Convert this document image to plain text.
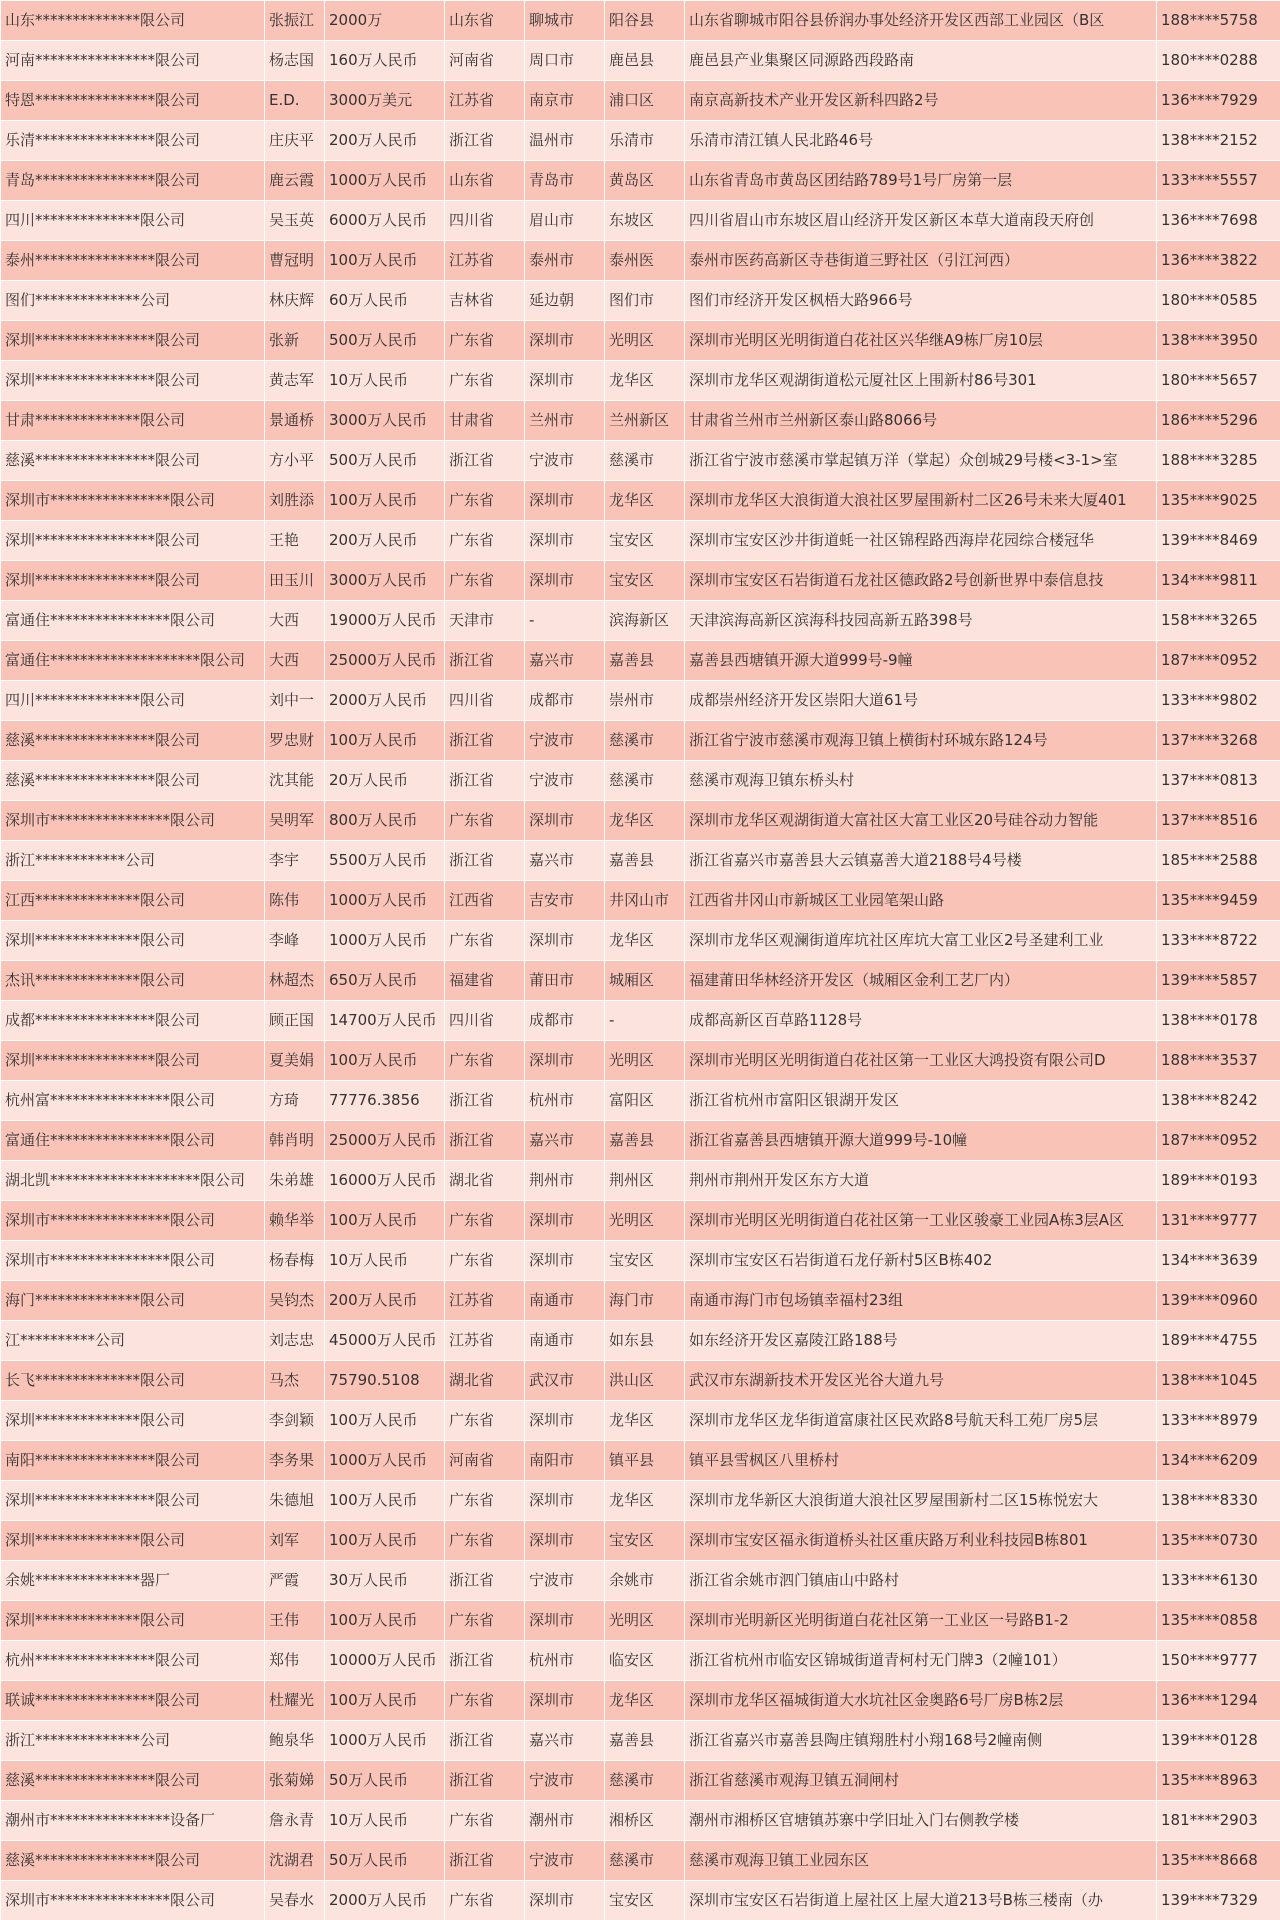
山东**************限公司	张振江	2000万	山东省	聊城市	阳谷县	山东省聊城市阳谷县侨润办事处经济开发区西部工业园区（B区	188****5758
河南****************限公司	杨志国	160万人民币	河南省	周口市	鹿邑县	鹿邑县产业集聚区同源路西段路南	180****0288
特恩****************限公司	E.D.	3000万美元	江苏省	南京市	浦口区	南京高新技术产业开发区新科四路2号	136****7929
乐清****************限公司	庄庆平	200万人民币	浙江省	温州市	乐清市	乐清市清江镇人民北路46号	138****2152
青岛****************限公司	鹿云霞	1000万人民币	山东省	青岛市	黄岛区	山东省青岛市黄岛区团结路789号1号厂房第一层	133****5557
四川**************限公司	吴玉英	6000万人民币	四川省	眉山市	东坡区	四川省眉山市东坡区眉山经济开发区新区本草大道南段天府创	136****7698
泰州****************限公司	曹冠明	100万人民币	江苏省	泰州市	泰州医	泰州市医药高新区寺巷街道三野社区（引江河西）	136****3822
图们**************公司	林庆辉	60万人民币	吉林省	延边朝	图们市	图们市经济开发区枫梧大路966号	180****0585
深圳****************限公司	张新	500万人民币	广东省	深圳市	光明区	深圳市光明区光明街道白花社区兴华继A9栋厂房10层	138****3950
深圳****************限公司	黄志军	10万人民币	广东省	深圳市	龙华区	深圳市龙华区观湖街道松元厦社区上围新村86号301	180****5657
甘肃**************限公司	景通桥	3000万人民币	甘肃省	兰州市	兰州新区	甘肃省兰州市兰州新区泰山路8066号	186****5296
慈溪****************限公司	方小平	500万人民币	浙江省	宁波市	慈溪市	浙江省宁波市慈溪市掌起镇万洋（掌起）众创城29号楼<3-1>室	188****3285
深圳市****************限公司	刘胜添	100万人民币	广东省	深圳市	龙华区	深圳市龙华区大浪街道大浪社区罗屋围新村二区26号未来大厦401	135****9025
深圳****************限公司	王艳	200万人民币	广东省	深圳市	宝安区	深圳市宝安区沙井街道蚝一社区锦程路西海岸花园综合楼冠华	139****8469
深圳****************限公司	田玉川	3000万人民币	广东省	深圳市	宝安区	深圳市宝安区石岩街道石龙社区德政路2号创新世界中泰信息技	134****9811
富通住****************限公司	大西	19000万人民币	天津市	-	滨海新区	天津滨海高新区滨海科技园高新五路398号	158****3265
富通住********************限公司	大西	25000万人民币	浙江省	嘉兴市	嘉善县	嘉善县西塘镇开源大道999号-9幢	187****0952
四川**************限公司	刘中一	2000万人民币	四川省	成都市	崇州市	成都崇州经济开发区崇阳大道61号	133****9802
慈溪****************限公司	罗忠财	100万人民币	浙江省	宁波市	慈溪市	浙江省宁波市慈溪市观海卫镇上横街村环城东路124号	137****3268
慈溪****************限公司	沈其能	20万人民币	浙江省	宁波市	慈溪市	慈溪市观海卫镇东桥头村	137****0813
深圳市****************限公司	吴明军	800万人民币	广东省	深圳市	龙华区	深圳市龙华区观湖街道大富社区大富工业区20号硅谷动力智能	137****8516
浙江************公司	李宇	5500万人民币	浙江省	嘉兴市	嘉善县	浙江省嘉兴市嘉善县大云镇嘉善大道2188号4号楼	185****2588
江西**************限公司	陈伟	1000万人民币	江西省	吉安市	井冈山市	江西省井冈山市新城区工业园笔架山路	135****9459
深圳**************限公司	李峰	1000万人民币	广东省	深圳市	龙华区	深圳市龙华区观澜街道库坑社区库坑大富工业区2号圣建利工业	133****8722
杰讯**************限公司	林超杰	650万人民币	福建省	莆田市	城厢区	福建莆田华林经济开发区（城厢区金利工艺厂内）	139****5857
成都****************限公司	顾正国	14700万人民币	四川省	成都市	-	成都高新区百草路1128号	138****0178
深圳****************限公司	夏美娟	100万人民币	广东省	深圳市	光明区	深圳市光明区光明街道白花社区第一工业区大鸿投资有限公司D	188****3537
杭州富****************限公司	方琦	77776.3856	浙江省	杭州市	富阳区	浙江省杭州市富阳区银湖开发区	138****8242
富通住****************限公司	韩肖明	25000万人民币	浙江省	嘉兴市	嘉善县	浙江省嘉善县西塘镇开源大道999号-10幢	187****0952
湖北凯********************限公司	朱弟雄	16000万人民币	湖北省	荆州市	荆州区	荆州市荆州开发区东方大道	189****0193
深圳市****************限公司	赖华举	100万人民币	广东省	深圳市	光明区	深圳市光明区光明街道白花社区第一工业区骏豪工业园A栋3层A区	131****9777
深圳市****************限公司	杨春梅	10万人民币	广东省	深圳市	宝安区	深圳市宝安区石岩街道石龙仔新村5区B栋402	134****3639
海门**************限公司	吴钧杰	200万人民币	江苏省	南通市	海门市	南通市海门市包场镇幸福村23组	139****0960
江**********公司	刘志忠	45000万人民币	江苏省	南通市	如东县	如东经济开发区嘉陵江路188号	189****4755
长飞**************限公司	马杰	75790.5108	湖北省	武汉市	洪山区	武汉市东湖新技术开发区光谷大道九号	138****1045
深圳**************限公司	李剑颖	100万人民币	广东省	深圳市	龙华区	深圳市龙华区龙华街道富康社区民欢路8号航天科工苑厂房5层	133****8979
南阳****************限公司	李务果	1000万人民币	河南省	南阳市	镇平县	镇平县雪枫区八里桥村	134****6209
深圳****************限公司	朱德旭	100万人民币	广东省	深圳市	龙华区	深圳市龙华新区大浪街道大浪社区罗屋围新村二区15栋悦宏大	138****8330
深圳**************限公司	刘军	100万人民币	广东省	深圳市	宝安区	深圳市宝安区福永街道桥头社区重庆路万利业科技园B栋801	135****0730
余姚**************器厂	严霞	30万人民币	浙江省	宁波市	余姚市	浙江省余姚市泗门镇庙山中路村	133****6130
深圳**************限公司	王伟	100万人民币	广东省	深圳市	光明区	深圳市光明新区光明街道白花社区第一工业区一号路B1-2	135****0858
杭州****************限公司	郑伟	10000万人民币	浙江省	杭州市	临安区	浙江省杭州市临安区锦城街道青柯村无门牌3（2幢101）	150****9777
联诚****************限公司	杜耀光	100万人民币	广东省	深圳市	龙华区	深圳市龙华区福城街道大水坑社区金奥路6号厂房B栋2层	136****1294
浙江**************公司	鲍泉华	1000万人民币	浙江省	嘉兴市	嘉善县	浙江省嘉兴市嘉善县陶庄镇翔胜村小翔168号2幢南侧	139****0128
慈溪****************限公司	张菊娣	50万人民币	浙江省	宁波市	慈溪市	浙江省慈溪市观海卫镇五洞闸村	135****8963
潮州市****************设备厂	詹永青	10万人民币	广东省	潮州市	湘桥区	潮州市湘桥区官塘镇苏寨中学旧址入门右侧教学楼	181****2903
慈溪****************限公司	沈湖君	50万人民币	浙江省	宁波市	慈溪市	慈溪市观海卫镇工业园东区	135****8668
深圳市****************限公司	吴春水	2000万人民币	广东省	深圳市	宝安区	深圳市宝安区石岩街道上屋社区上屋大道213号B栋三楼南（办	139****7329
